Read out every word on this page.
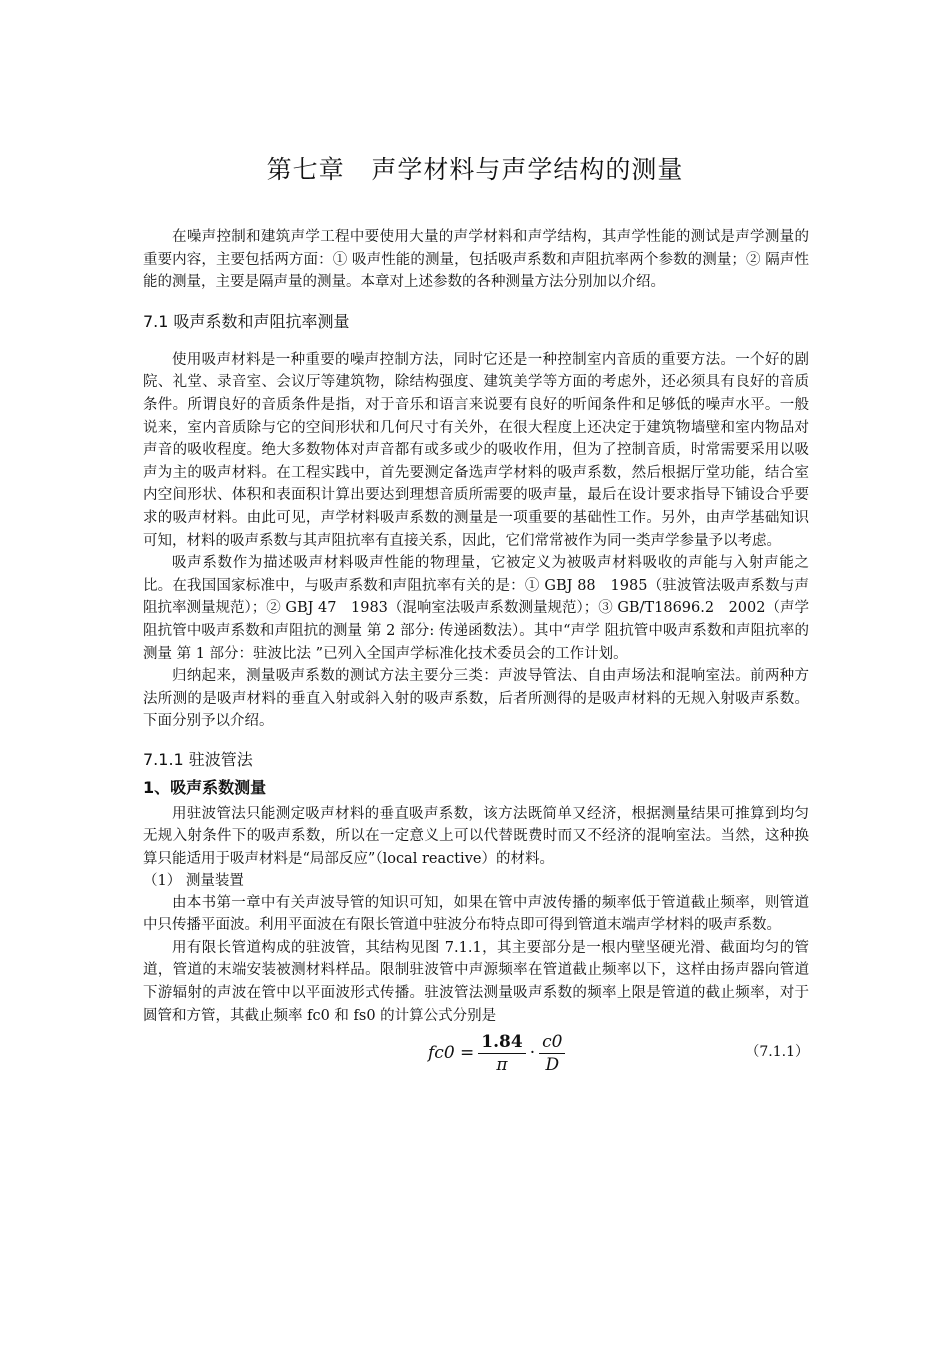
第七章 声学材料与声学结构的测量

在噪声控制和建筑声学工程中要使用大量的声学材料和声学结构，其声学性能的测试是声学测量的重要内容，主要包括两方面：① 吸声性能的测量，包括吸声系数和声阻抗率两个参数的测量；② 隔声性能的测量，主要是隔声量的测量。本章对上述参数的各种测量方法分别加以介绍。

7.1 吸声系数和声阻抗率测量

使用吸声材料是一种重要的噪声控制方法，同时它还是一种控制室内音质的重要方法。一个好的剧院、礼堂、录音室、会议厅等建筑物，除结构强度、建筑美学等方面的考虑外，还必须具有良好的音质条件。所谓良好的音质条件是指，对于音乐和语言来说要有良好的听闻条件和足够低的噪声水平。一般说来，室内音质除与它的空间形状和几何尺寸有关外，在很大程度上还决定于建筑物墙壁和室内物品对声音的吸收程度。绝大多数物体对声音都有或多或少的吸收作用，但为了控制音质，时常需要采用以吸声为主的吸声材料。在工程实践中，首先要测定备选声学材料的吸声系数，然后根据厅堂功能，结合室内空间形状、体积和表面积计算出要达到理想音质所需要的吸声量，最后在设计要求指导下铺设合乎要求的吸声材料。由此可见，声学材料吸声系数的测量是一项重要的基础性工作。另外，由声学基础知识可知，材料的吸声系数与其声阻抗率有直接关系，因此，它们常常被作为同一类声学参量予以考虑。

吸声系数作为描述吸声材料吸声性能的物理量，它被定义为被吸声材料吸收的声能与入射声能之比。在我国国家标准中，与吸声系数和声阻抗率有关的是：① GBJ 88　1985（驻波管法吸声系数与声阻抗率测量规范）；② GBJ 47　1983（混响室法吸声系数测量规范）；③ GB/T18696.2　2002（声学 阻抗管中吸声系数和声阻抗的测量 第 2 部分: 传递函数法）。其中“声学 阻抗管中吸声系数和声阻抗率的测量 第 1 部分：驻波比法 ”已列入全国声学标准化技术委员会的工作计划。

归纳起来，测量吸声系数的测试方法主要分三类：声波导管法、自由声场法和混响室法。前两种方法所测的是吸声材料的垂直入射或斜入射的吸声系数，后者所测得的是吸声材料的无规入射吸声系数。下面分别予以介绍。

7.1.1 驻波管法
1、吸声系数测量

用驻波管法只能测定吸声材料的垂直吸声系数，该方法既简单又经济，根据测量结果可推算到均匀无规入射条件下的吸声系数，所以在一定意义上可以代替既费时而又不经济的混响室法。当然，这种换算只能适用于吸声材料是“局部反应”（local reactive）的材料。

（1） 测量装置

由本书第一章中有关声波导管的知识可知，如果在管中声波传播的频率低于管道截止频率，则管道中只传播平面波。利用平面波在有限长管道中驻波分布特点即可得到管道末端声学材料的吸声系数。

用有限长管道构成的驻波管，其结构见图 7.1.1，其主要部分是一根内壁坚硬光滑、截面均匀的管道，管道的末端安装被测材料样品。限制驻波管中声源频率在管道截止频率以下，这样由扬声器向管道下游辐射的声波在管中以平面波形式传播。驻波管法测量吸声系数的频率上限是管道的截止频率，对于圆管和方管，其截止频率 fc0 和 fs0 的计算公式分别是

$fc0 = \frac{1.84}{\pi} \cdot \frac{c0}{D}$	（7.1.1）
